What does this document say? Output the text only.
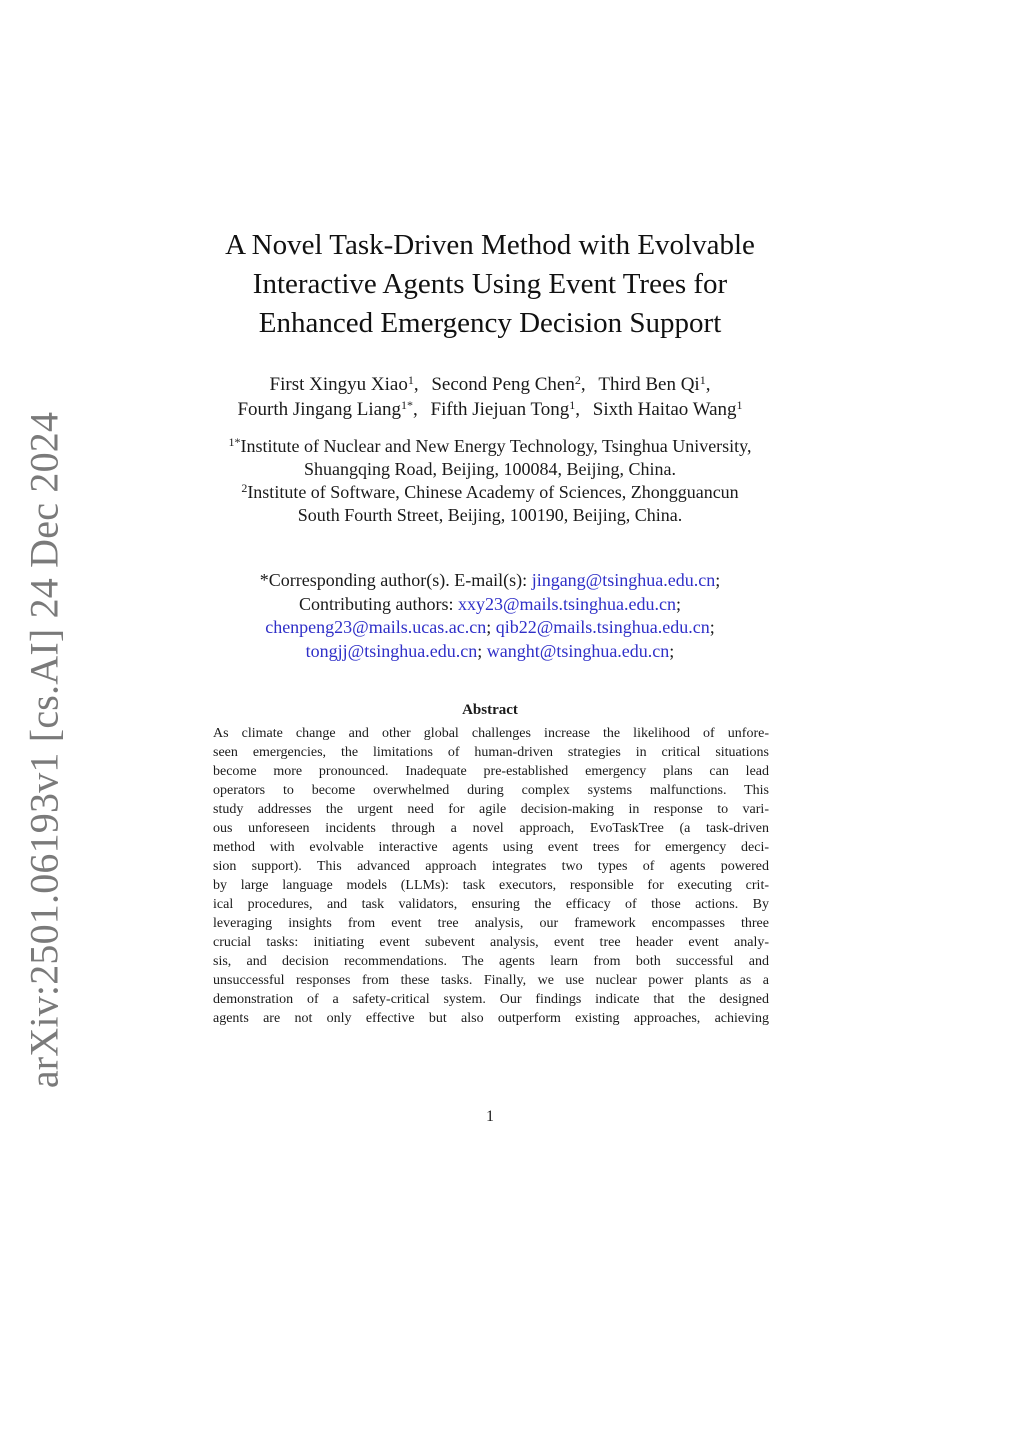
arXiv:2501.06193v1 [cs.AI] 24 Dec 2024
A Novel Task-Driven Method with Evolvable
Interactive Agents Using Event Trees for
Enhanced Emergency Decision Support
First Xingyu Xiao$^1$, Second Peng Chen$^2$, Third Ben Qi$^1$,
Fourth Jingang Liang$^{1*}$, Fifth Jiejuan Tong$^1$, Sixth Haitao Wang$^1$
$^{1*}$Institute of Nuclear and New Energy Technology, Tsinghua University,
Shuangqing Road, Beijing, 100084, Beijing, China.
$^2$Institute of Software, Chinese Academy of Sciences, Zhongguancun
South Fourth Street, Beijing, 100190, Beijing, China.
*Corresponding author(s). E-mail(s): jingang@tsinghua.edu.cn;
Contributing authors: xxy23@mails.tsinghua.edu.cn;
chenpeng23@mails.ucas.ac.cn; qib22@mails.tsinghua.edu.cn;
tongjj@tsinghua.edu.cn; wanght@tsinghua.edu.cn;
Abstract
As climate change and other global challenges increase the likelihood of unfore-
seen emergencies, the limitations of human-driven strategies in critical situations
become more pronounced. Inadequate pre-established emergency plans can lead
operators to become overwhelmed during complex systems malfunctions. This
study addresses the urgent need for agile decision-making in response to vari-
ous unforeseen incidents through a novel approach, EvoTaskTree (a task-driven
method with evolvable interactive agents using event trees for emergency deci-
sion support). This advanced approach integrates two types of agents powered
by large language models (LLMs): task executors, responsible for executing crit-
ical procedures, and task validators, ensuring the efficacy of those actions. By
leveraging insights from event tree analysis, our framework encompasses three
crucial tasks: initiating event subevent analysis, event tree header event analy-
sis, and decision recommendations. The agents learn from both successful and
unsuccessful responses from these tasks. Finally, we use nuclear power plants as a
demonstration of a safety-critical system. Our findings indicate that the designed
agents are not only effective but also outperform existing approaches, achieving
1
